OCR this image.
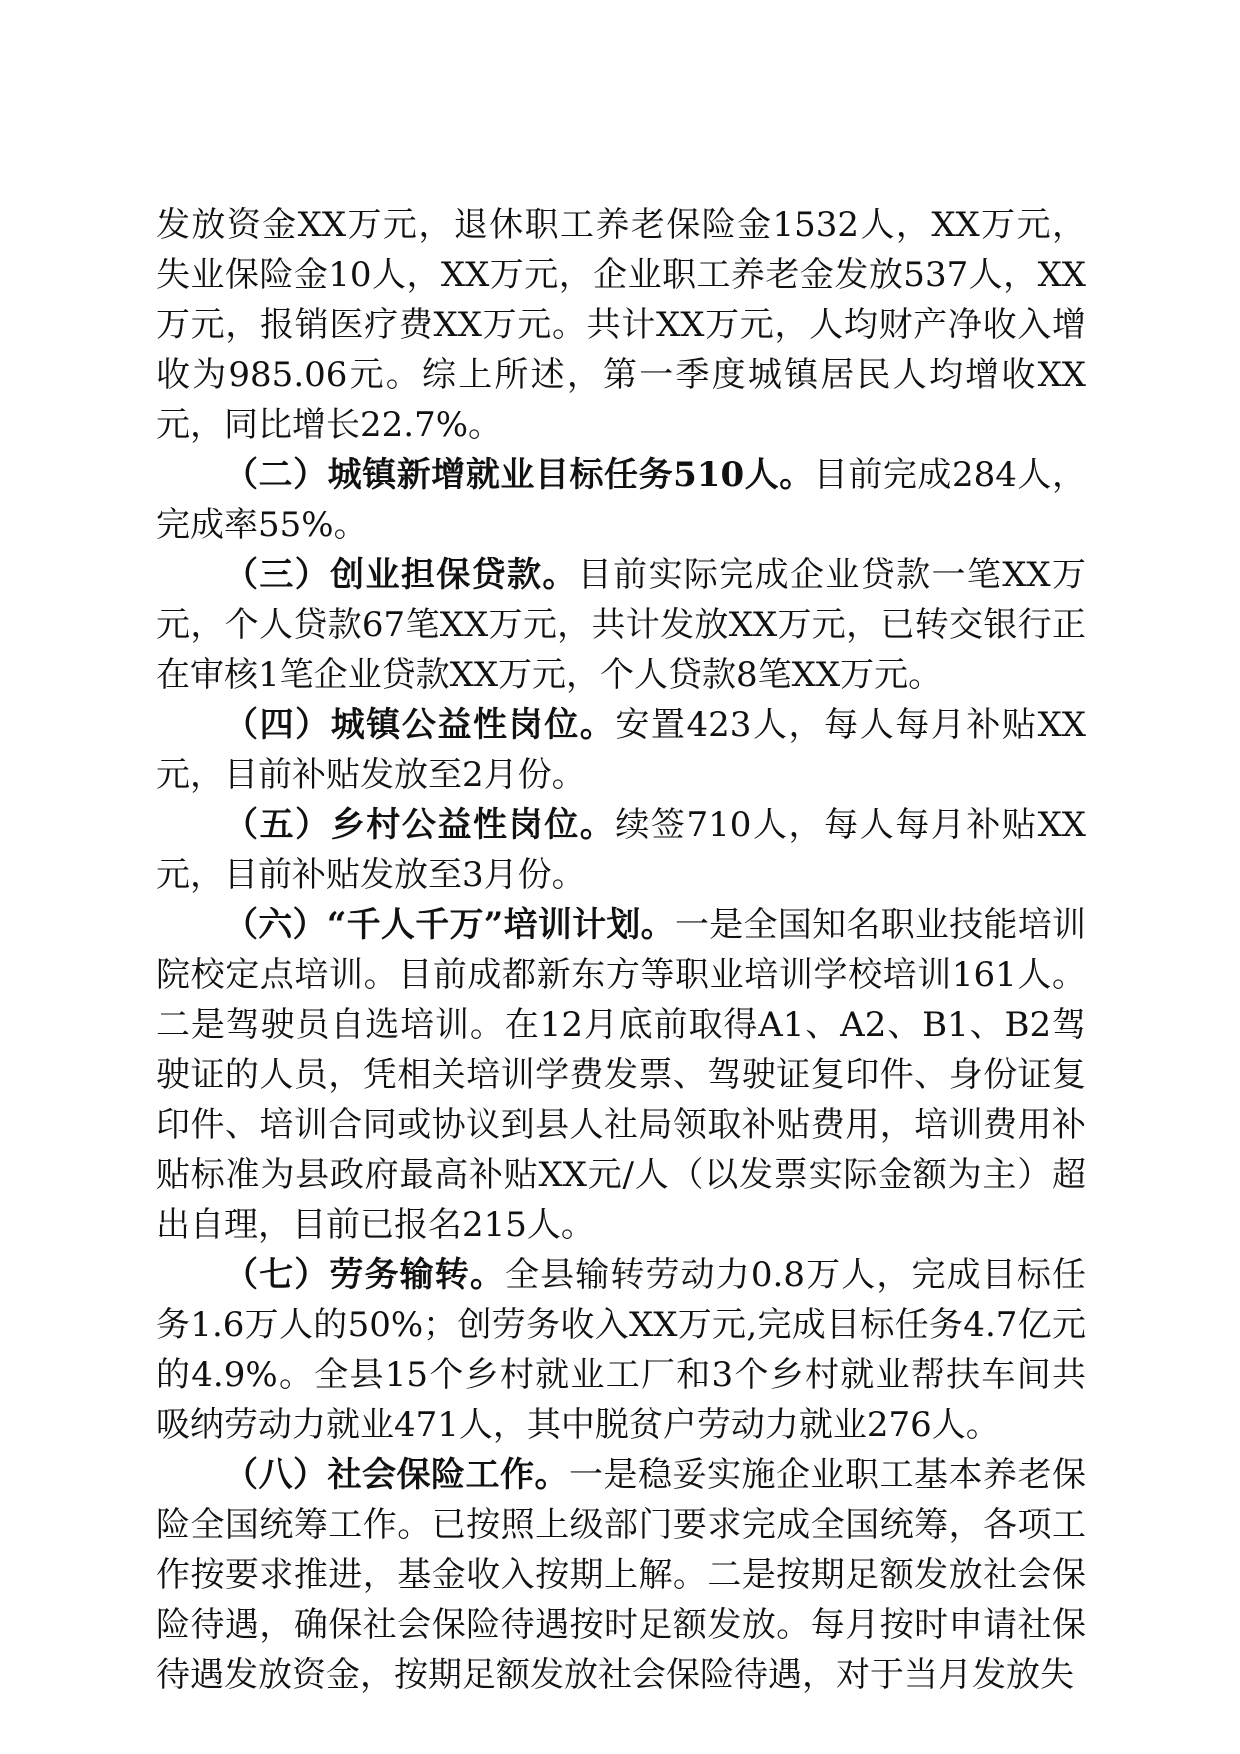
发放资金XX万元，退休职工养老保险金1532人，XX万元，失业保险金10人，XX万元，企业职工养老金发放537人，XX万元，报销医疗费XX万元。共计XX万元，人均财产净收入增收为985.06元。综上所述，第一季度城镇居民人均增收XX元，同比增长22.7%。

（二）城镇新增就业目标任务510人。目前完成284人，完成率55%。

（三）创业担保贷款。目前实际完成企业贷款一笔XX万元，个人贷款67笔XX万元，共计发放XX万元，已转交银行正在审核1笔企业贷款XX万元，个人贷款8笔XX万元。

（四）城镇公益性岗位。安置423人，每人每月补贴XX元，目前补贴发放至2月份。

（五）乡村公益性岗位。续签710人，每人每月补贴XX元，目前补贴发放至3月份。

（六）“千人千万”培训计划。一是全国知名职业技能培训院校定点培训。目前成都新东方等职业培训学校培训161人。二是驾驶员自选培训。在12月底前取得A1、A2、B1、B2驾驶证的人员，凭相关培训学费发票、驾驶证复印件、身份证复印件、培训合同或协议到县人社局领取补贴费用，培训费用补贴标准为县政府最高补贴XX元/人（以发票实际金额为主）超出自理，目前已报名215人。

（七）劳务输转。全县输转劳动力0.8万人，完成目标任务1.6万人的50%；创劳务收入XX万元,完成目标任务4.7亿元的4.9%。全县15个乡村就业工厂和3个乡村就业帮扶车间共吸纳劳动力就业471人，其中脱贫户劳动力就业276人。

（八）社会保险工作。一是稳妥实施企业职工基本养老保险全国统筹工作。已按照上级部门要求完成全国统筹，各项工作按要求推进，基金收入按期上解。二是按期足额发放社会保险待遇，确保社会保险待遇按时足额发放。每月按时申请社保待遇发放资金，按期足额发放社会保险待遇，对于当月发放失
